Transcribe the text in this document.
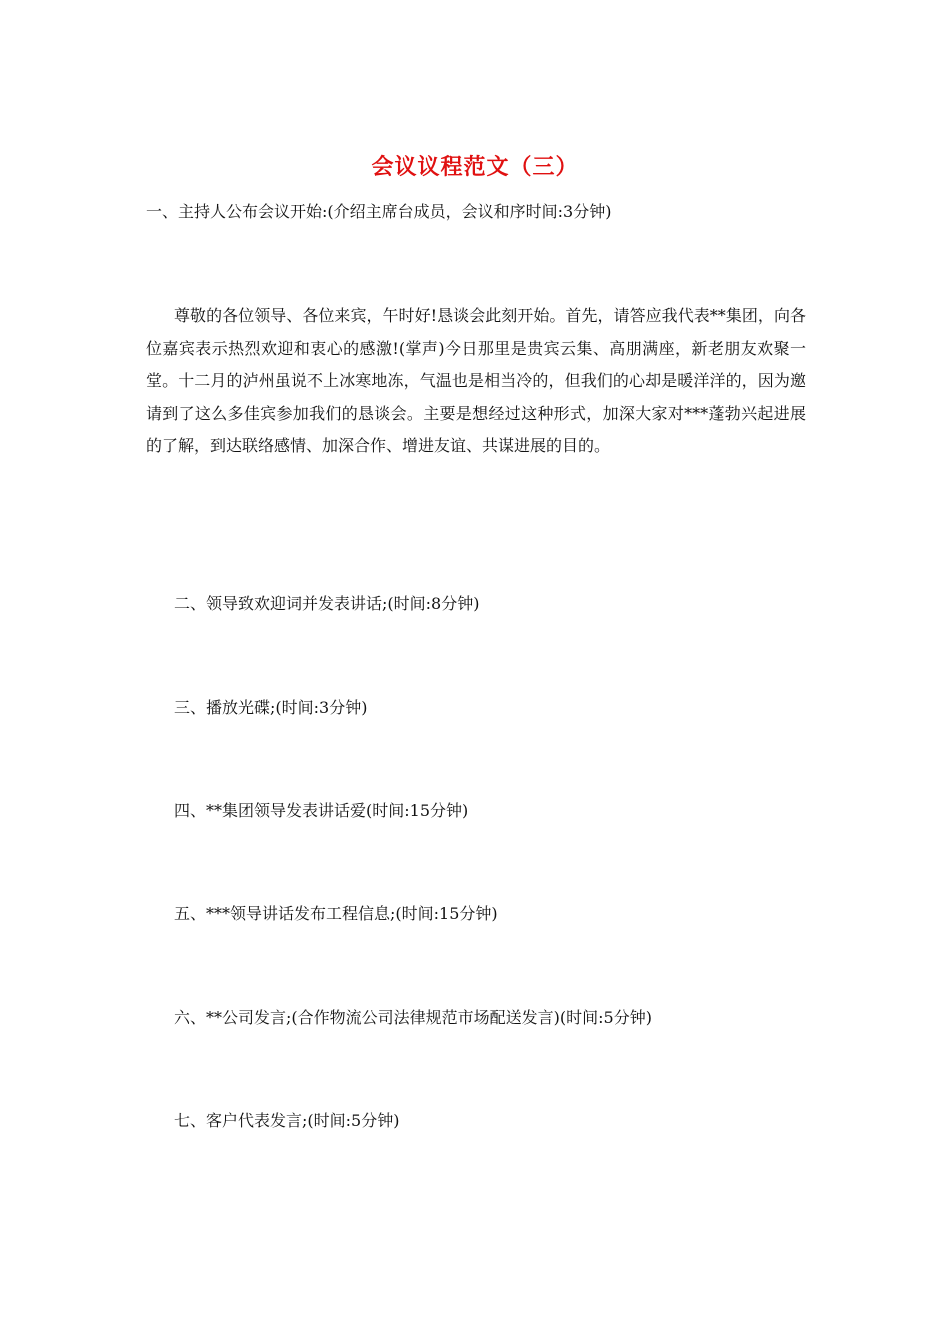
会议议程范文（三）
一、主持人公布会议开始:(介绍主席台成员，会议和序时间:3分钟)
尊敬的各位领导、各位来宾，午时好!恳谈会此刻开始。首先，请答应我代表**集团，向各位嘉宾表示热烈欢迎和衷心的感激!(掌声)今日那里是贵宾云集、高朋满座，新老朋友欢聚一堂。十二月的泸州虽说不上冰寒地冻，气温也是相当冷的，但我们的心却是暖洋洋的，因为邀请到了这么多佳宾参加我们的恳谈会。主要是想经过这种形式，加深大家对***蓬勃兴起进展的了解，到达联络感情、加深合作、增进友谊、共谋进展的目的。
二、领导致欢迎词并发表讲话;(时间:8分钟)
三、播放光碟;(时间:3分钟)
四、**集团领导发表讲话爱(时间:15分钟)
五、***领导讲话发布工程信息;(时间:15分钟)
六、**公司发言;(合作物流公司法律规范市场配送发言)(时间:5分钟)
七、客户代表发言;(时间:5分钟)
